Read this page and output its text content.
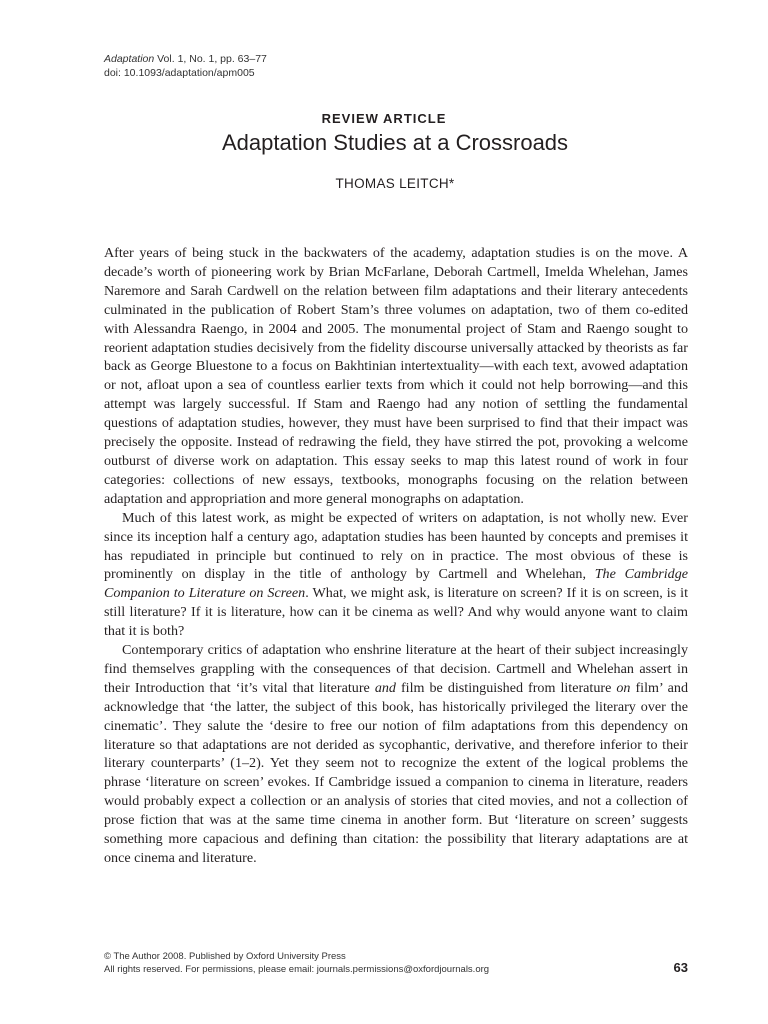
Adaptation Vol. 1, No. 1, pp. 63–77
doi: 10.1093/adaptation/apm005
REVIEW ARTICLE
Adaptation Studies at a Crossroads
THOMAS LEITCH*

After years of being stuck in the backwaters of the academy, adaptation studies is on the move. A decade’s worth of pioneering work by Brian McFarlane, Deborah Cartmell, Imelda Whelehan, James Naremore and Sarah Cardwell on the relation between film adaptations and their literary antecedents culminated in the publication of Robert Stam’s three volumes on adaptation, two of them co-edited with Alessandra Raengo, in 2004 and 2005. The monumental project of Stam and Raengo sought to reorient adaptation studies decisively from the fidelity discourse universally attacked by theorists as far back as George Bluestone to a focus on Bakhtinian intertextuality—with each text, avowed adaptation or not, afloat upon a sea of countless earlier texts from which it could not help borrowing—and this attempt was largely successful. If Stam and Raengo had any notion of settling the fundamental questions of adaptation studies, however, they must have been surprised to find that their impact was precisely the opposite. Instead of redrawing the field, they have stirred the pot, provoking a welcome outburst of diverse work on adaptation. This essay seeks to map this latest round of work in four categories: collections of new essays, textbooks, monographs focusing on the relation between adaptation and appropriation and more general monographs on adaptation.

Much of this latest work, as might be expected of writers on adaptation, is not wholly new. Ever since its inception half a century ago, adaptation studies has been haunted by concepts and premises it has repudiated in principle but continued to rely on in practice. The most obvious of these is prominently on display in the title of anthology by Cartmell and Whelehan, The Cambridge Companion to Literature on Screen. What, we might ask, is literature on screen? If it is on screen, is it still literature? If it is literature, how can it be cinema as well? And why would anyone want to claim that it is both?

Contemporary critics of adaptation who enshrine literature at the heart of their subject increasingly find themselves grappling with the consequences of that decision. Cartmell and Whelehan assert in their Introduction that ‘it’s vital that literature and film be distinguished from literature on film’ and acknowledge that ‘the latter, the subject of this book, has historically privileged the literary over the cinematic’. They salute the ‘desire to free our notion of film adaptations from this dependency on literature so that adaptations are not derided as sycophantic, derivative, and therefore inferior to their literary counterparts’ (1–2). Yet they seem not to recognize the extent of the logical problems the phrase ‘literature on screen’ evokes. If Cambridge issued a companion to cinema in literature, readers would probably expect a collection or an analysis of stories that cited movies, and not a collection of prose fiction that was at the same time cinema in another form. But ‘literature on screen’ suggests something more capacious and defining than citation: the possibility that literary adaptations are at once cinema and literature.

© The Author 2008. Published by Oxford University Press
All rights reserved. For permissions, please email: journals.permissions@oxfordjournals.org	63
